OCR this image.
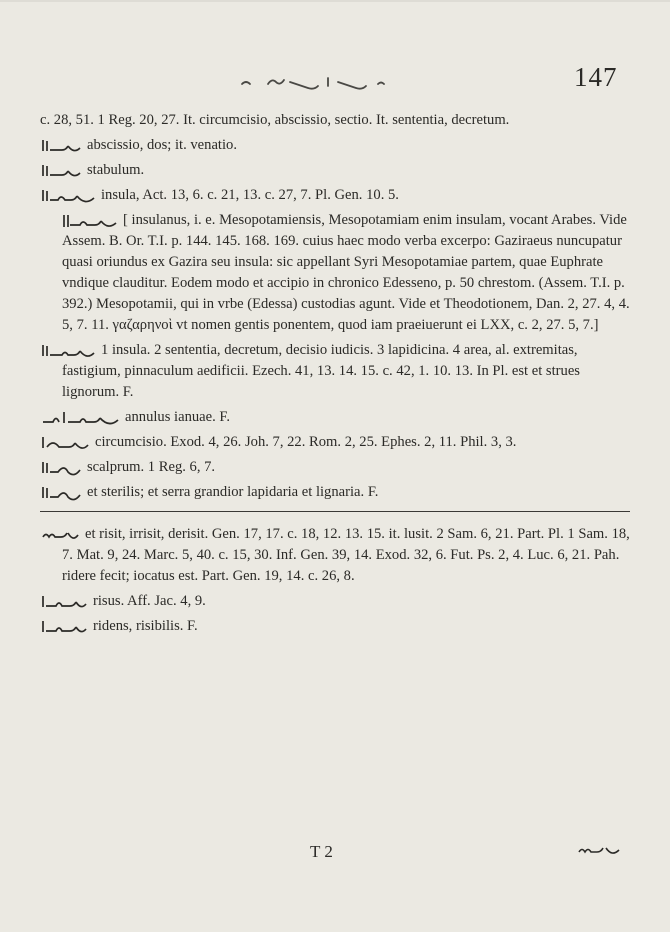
147
c. 28, 51. 1 Reg. 20, 27. It. circumcisio, abscissio, sectio. It. sententia, decretum.
abscissio, dos; it. venatio.
stabulum.
insula, Act. 13, 6. c. 21, 13. c. 27, 7. Pl. Gen. 10. 5.
[ insulanus, i. e. Mesopotamiensis, Mesopotamiam enim insulam, vocant Arabes. Vide Assem. B. Or. T.I. p. 144. 145. 168. 169. cuius haec modo verba excerpo: Gaziraeus nuncupatur quasi oriundus ex Gazira seu insula: sic appellant Syri Mesopotamiae partem, quae Euphrate vndique clauditur. Eodem modo et accipio in chronico Edesseno, p. 50 chrestom. (Assem. T.I. p. 392.) Mesopotamii, qui in vrbe (Edessa) custodias agunt. Vide et Theodotionem, Dan. 2, 27. 4, 4. 5, 7. 11. γαζαρηνοὶ vt nomen gentis ponentem, quod iam praeiuerunt ei LXX, c. 2, 27. 5, 7.]
1 insula. 2 sententia, decretum, decisio iudicis. 3 lapidicina. 4 area, al. extremitas, fastigium, pinnaculum aedificii. Ezech. 41, 13. 14. 15. c. 42, 1. 10. 13. In Pl. est et strues lignorum. F.
annulus ianuae. F.
circumcisio. Exod. 4, 26. Joh. 7, 22. Rom. 2, 25. Ephes. 2, 11. Phil. 3, 3.
scalprum. 1 Reg. 6, 7.
et sterilis; et serra grandior lapidaria et lignaria. F.
et risit, irrisit, derisit. Gen. 17, 17. c. 18, 12. 13. 15. it. lusit. 2 Sam. 6, 21. Part. Pl. 1 Sam. 18, 7. Mat. 9, 24. Marc. 5, 40. c. 15, 30. Inf. Gen. 39, 14. Exod. 32, 6. Fut. Ps. 2, 4. Luc. 6, 21. Pah. ridere fecit; iocatus est. Part. Gen. 19, 14. c. 26, 8.
risus. Aff. Jac. 4, 9.
ridens, risibilis. F.
T 2
